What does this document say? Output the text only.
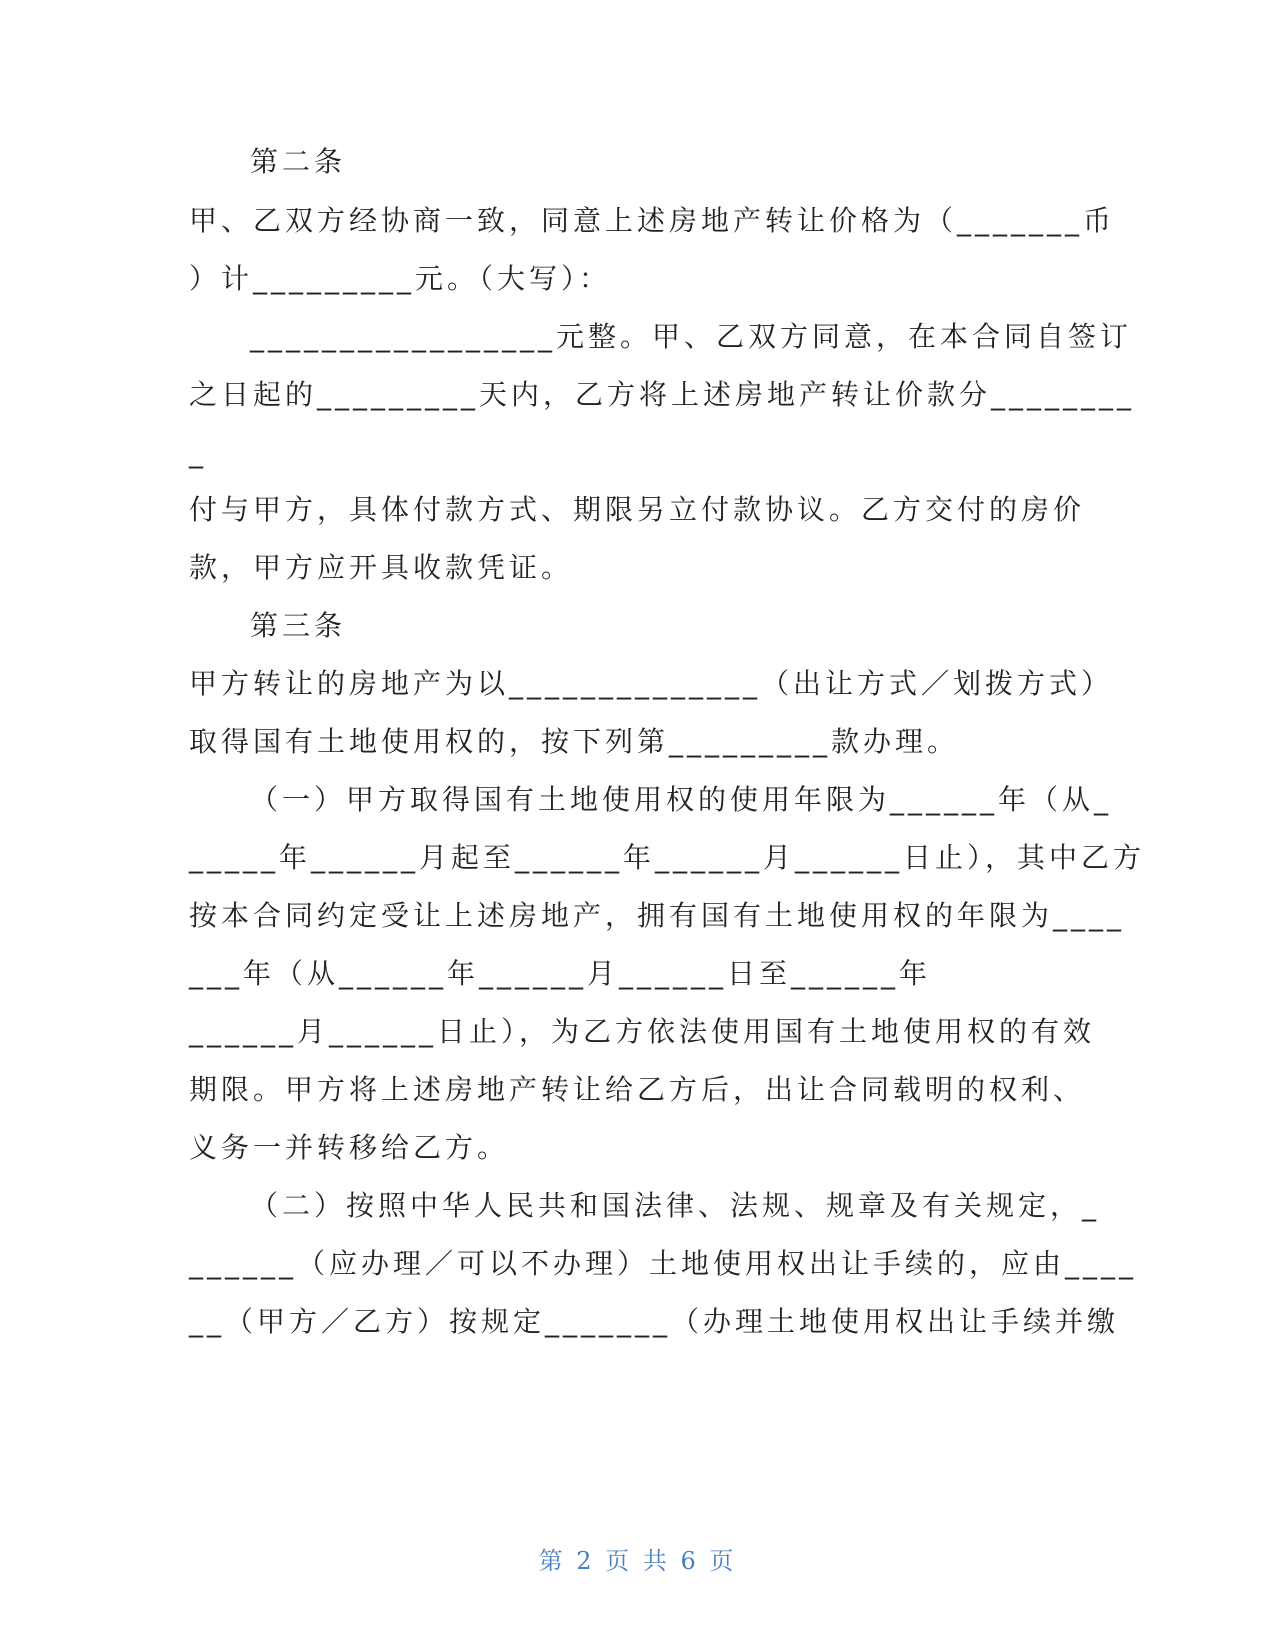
第二条
甲、乙双方经协商一致，同意上述房地产转让价格为（_______币
）计_________元。（大写）：
_________________元整。甲、乙双方同意，在本合同自签订
之日起的_________天内，乙方将上述房地产转让价款分________
_
付与甲方，具体付款方式、期限另立付款协议。乙方交付的房价
款，甲方应开具收款凭证。
第三条
甲方转让的房地产为以______________（出让方式／划拨方式）
取得国有土地使用权的，按下列第_________款办理。
（一）甲方取得国有土地使用权的使用年限为______年（从_
_____年______月起至______年______月______日止），其中乙方
按本合同约定受让上述房地产，拥有国有土地使用权的年限为____
___年（从______年______月______日至______年
______月______日止），为乙方依法使用国有土地使用权的有效
期限。甲方将上述房地产转让给乙方后，出让合同载明的权利、
义务一并转移给乙方。
（二）按照中华人民共和国法律、法规、规章及有关规定，_
______（应办理／可以不办理）土地使用权出让手续的，应由____
__（甲方／乙方）按规定_______（办理土地使用权出让手续并缴
第 2 页 共 6 页
